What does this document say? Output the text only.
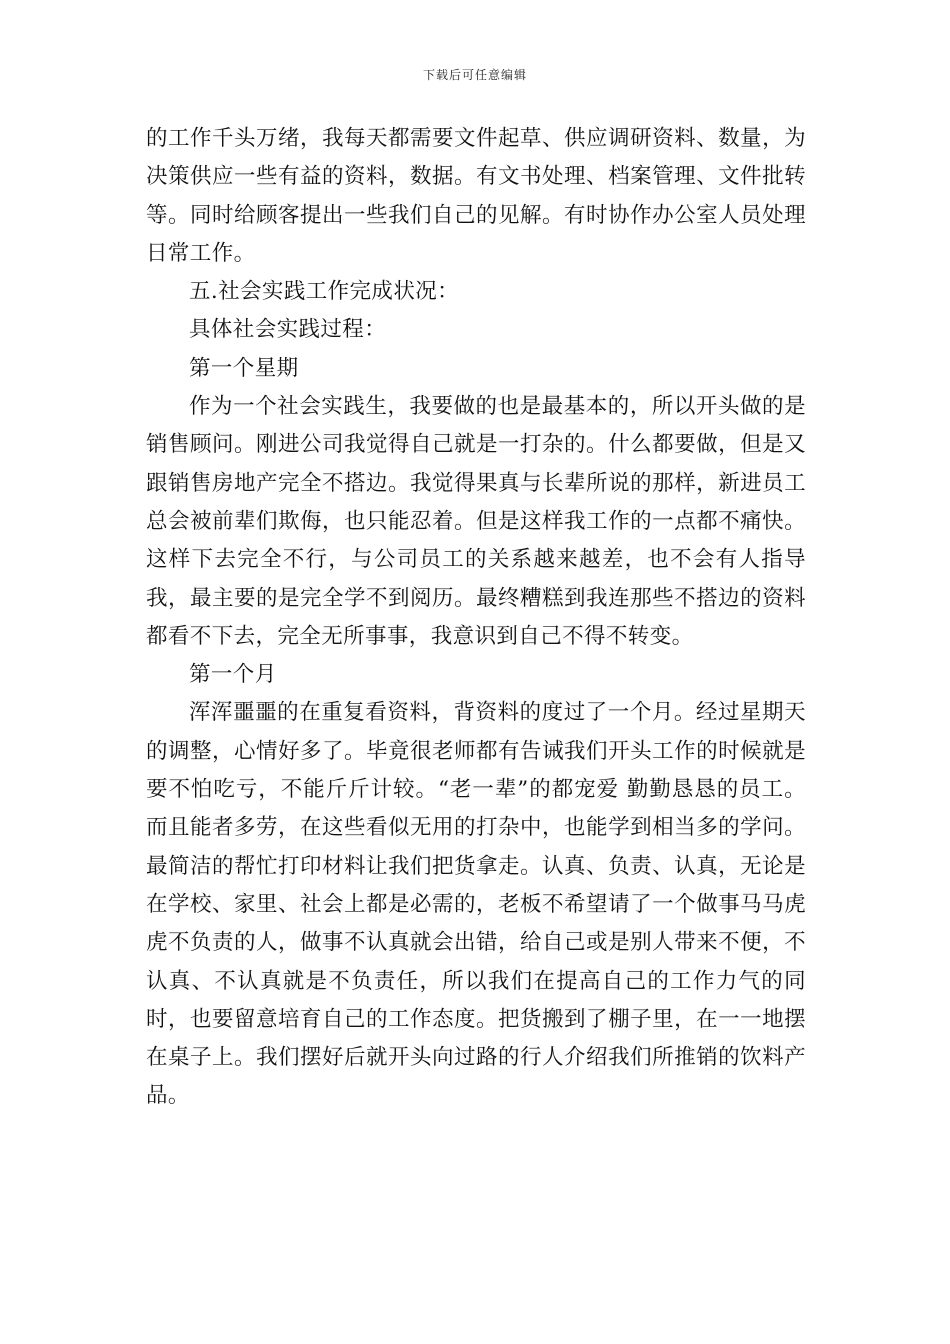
下载后可任意编辑

的工作千头万绪，我每天都需要文件起草、供应调研资料、数量，为决策供应一些有益的资料，数据。有文书处理、档案管理、文件批转等。同时给顾客提出一些我们自己的见解。有时协作办公室人员处理日常工作。

五.社会实践工作完成状况：

具体社会实践过程：

第一个星期

作为一个社会实践生，我要做的也是最基本的，所以开头做的是销售顾问。刚进公司我觉得自己就是一打杂的。什么都要做，但是又跟销售房地产完全不搭边。我觉得果真与长辈所说的那样，新进员工总会被前辈们欺侮，也只能忍着。但是这样我工作的一点都不痛快。这样下去完全不行，与公司员工的关系越来越差，也不会有人指导我，最主要的是完全学不到阅历。最终糟糕到我连那些不搭边的资料都看不下去，完全无所事事，我意识到自己不得不转变。

第一个月

浑浑噩噩的在重复看资料，背资料的度过了一个月。经过星期天的调整，心情好多了。毕竟很老师都有告诫我们开头工作的时候就是要不怕吃亏，不能斤斤计较。“老一辈”的都宠爱 勤勤恳恳的员工。而且能者多劳，在这些看似无用的打杂中，也能学到相当多的学问。最简洁的帮忙打印材料让我们把货拿走。认真、负责、认真，无论是在学校、家里、社会上都是必需的，老板不希望请了一个做事马马虎虎不负责的人，做事不认真就会出错，给自己或是别人带来不便，不认真、不认真就是不负责任，所以我们在提高自己的工作力气的同时，也要留意培育自己的工作态度。把货搬到了棚子里，在一一地摆在桌子上。我们摆好后就开头向过路的行人介绍我们所推销的饮料产品。
